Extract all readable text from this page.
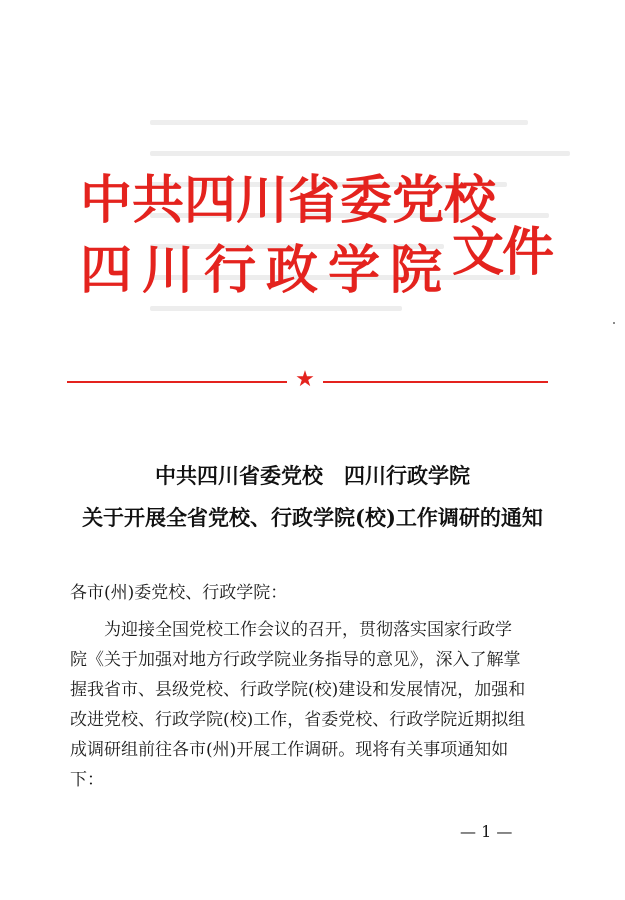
中共四川省委党校
四川行政学院 文件
★
中共四川省委党校　四川行政学院
关于开展全省党校、行政学院(校)工作调研的通知
各市(州)委党校、行政学院：
为迎接全国党校工作会议的召开，贯彻落实国家行政学
院《关于加强对地方行政学院业务指导的意见》，深入了解掌
握我省市、县级党校、行政学院(校)建设和发展情况，加强和
改进党校、行政学院(校)工作，省委党校、行政学院近期拟组
成调研组前往各市(州)开展工作调研。现将有关事项通知如
下：
— 1 —
